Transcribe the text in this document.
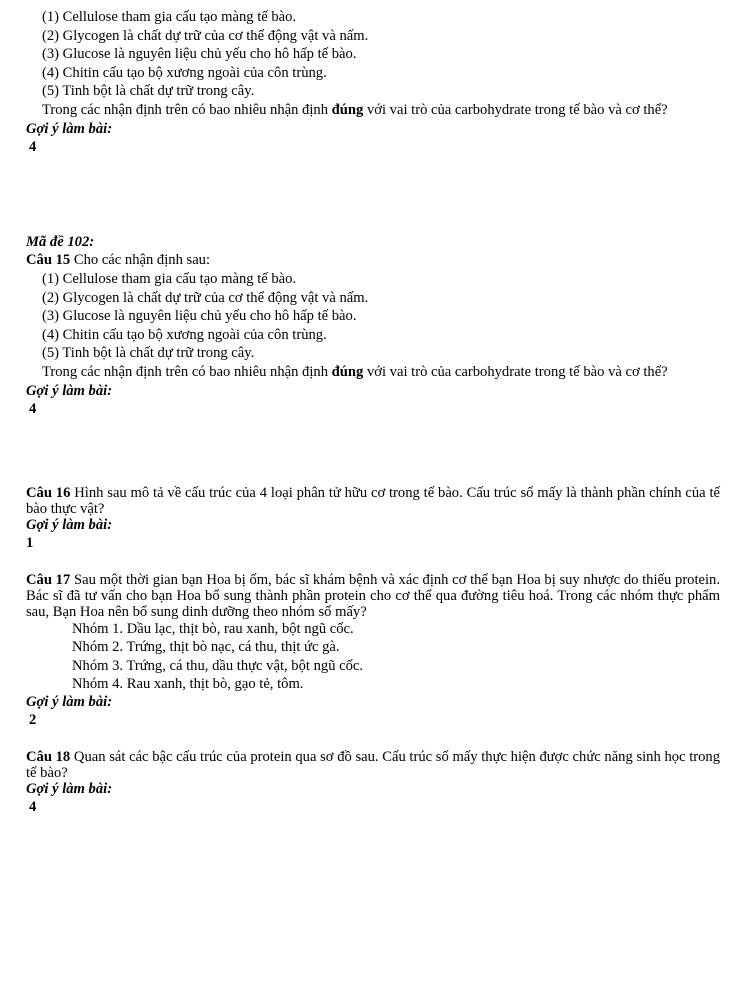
(1) Cellulose tham gia cấu tạo màng tế bào.
(2) Glycogen là chất dự trữ của cơ thể động vật và nấm.
(3) Glucose là nguyên liệu chủ yếu cho hô hấp tế bào.
(4) Chitin cấu tạo bộ xương ngoài của côn trùng.
(5) Tinh bột là chất dự trữ trong cây.
Trong các nhận định trên có bao nhiêu nhận định đúng với vai trò của carbohydrate trong tế bào và cơ thể?
Gợi ý làm bài:
4
Mã đề 102:
Câu 15 Cho các nhận định sau:
(1) Cellulose tham gia cấu tạo màng tế bào.
(2) Glycogen là chất dự trữ của cơ thể động vật và nấm.
(3) Glucose là nguyên liệu chủ yếu cho hô hấp tế bào.
(4) Chitin cấu tạo bộ xương ngoài của côn trùng.
(5) Tinh bột là chất dự trữ trong cây.
Trong các nhận định trên có bao nhiêu nhận định đúng với vai trò của carbohydrate trong tế bào và cơ thể?
Gợi ý làm bài:
4
Câu 16 Hình sau mô tả về cấu trúc của 4 loại phân tử hữu cơ trong tế bào. Cấu trúc số mấy là thành phần chính của tế bào thực vật?
Gợi ý làm bài:
1
Câu 17 Sau một thời gian bạn Hoa bị ốm, bác sĩ khám bệnh và xác định cơ thể bạn Hoa bị suy nhược do thiếu protein. Bác sĩ đã tư vấn cho bạn Hoa bổ sung thành phần protein cho cơ thể qua đường tiêu hoá. Trong các nhóm thực phẩm sau, Bạn Hoa nên bổ sung dinh dưỡng theo nhóm số mấy?
Nhóm 1. Dầu lạc, thịt bò, rau xanh, bột ngũ cốc.
Nhóm 2. Trứng, thịt bò nạc, cá thu, thịt ức gà.
Nhóm 3. Trứng, cá thu, dầu thực vật, bột ngũ cốc.
Nhóm 4. Rau xanh, thịt bò, gạo tẻ, tôm.
Gợi ý làm bài:
2
Câu 18 Quan sát các bậc cấu trúc của protein qua sơ đồ sau. Cấu trúc số mấy thực hiện được chức năng sinh học trong tế bào?
Gợi ý làm bài:
4
